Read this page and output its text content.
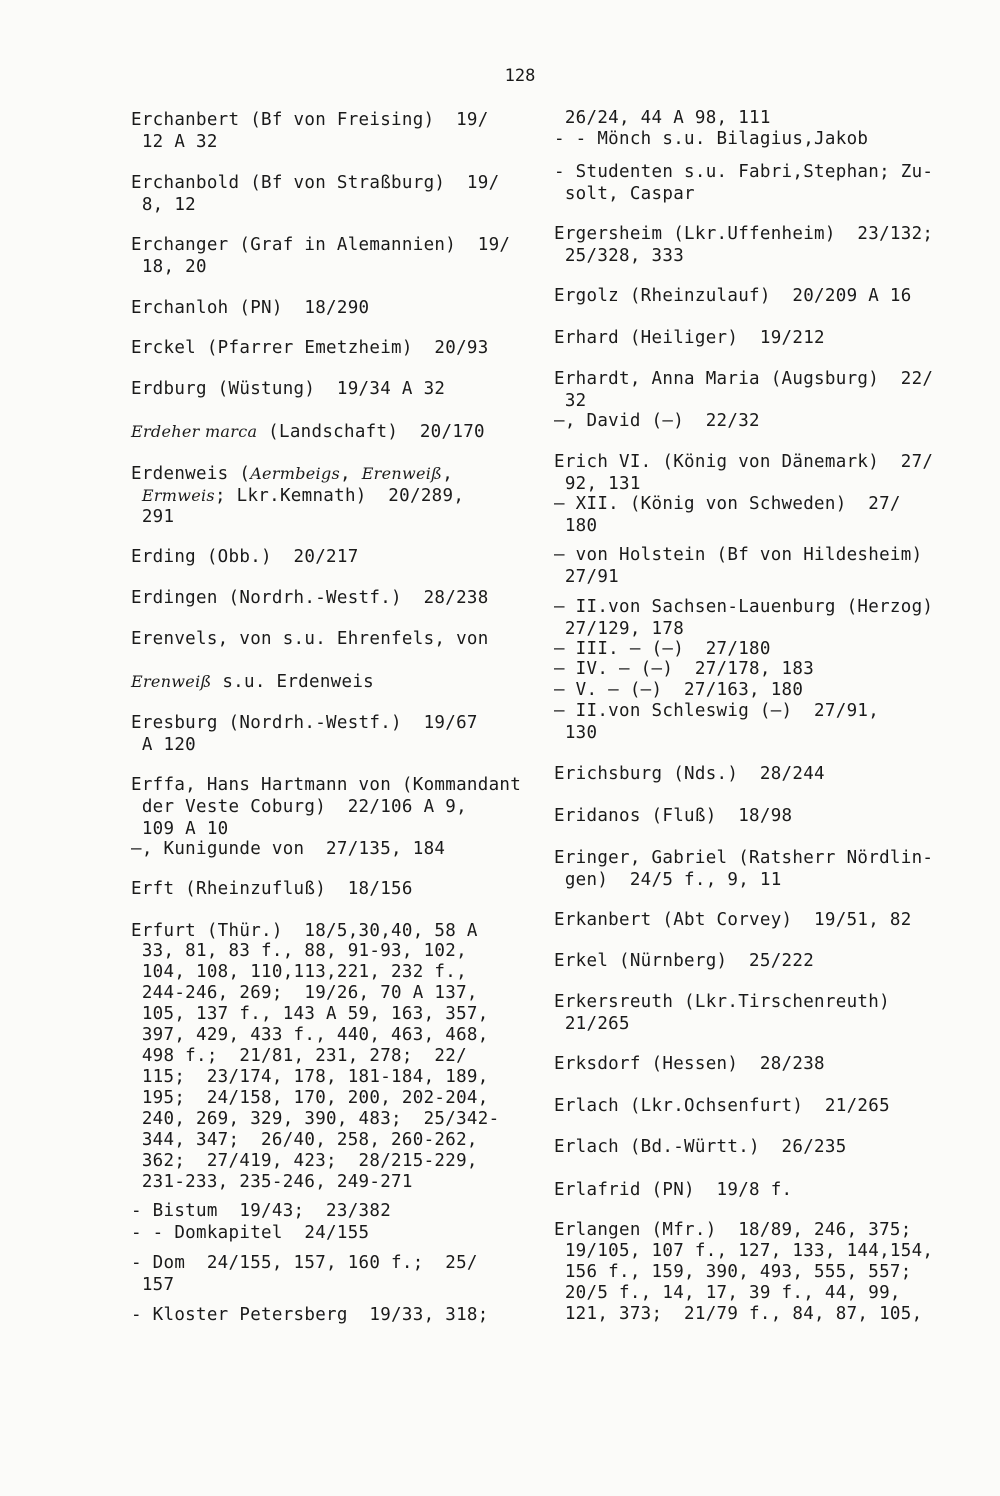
128
Erchanbert (Bf von Freising)  19/
12 A 32
Erchanbold (Bf von Straßburg)  19/
8, 12
Erchanger (Graf in Alemannien)  19/
18, 20
Erchanloh (PN)  18/290
Erckel (Pfarrer Emetzheim)  20/93
Erdburg (Wüstung)  19/34 A 32
Erdeher marca (Landschaft)  20/170
Erdenweis (Aermbeigs, Erenweiß,
Ermweis; Lkr.Kemnath)  20/289,
291
Erding (Obb.)  20/217
Erdingen (Nordrh.-Westf.)  28/238
Erenvels, von s.u. Ehrenfels, von
Erenweiß s.u. Erdenweis
Eresburg (Nordrh.-Westf.)  19/67
A 120
Erffa, Hans Hartmann von (Kommandant
der Veste Coburg)  22/106 A 9,
109 A 10
—, Kunigunde von  27/135, 184
Erft (Rheinzufluß)  18/156
Erfurt (Thür.)  18/5,30,40, 58 A
33, 81, 83 f., 88, 91-93, 102,
104, 108, 110,113,221, 232 f.,
244-246, 269;  19/26, 70 A 137,
105, 137 f., 143 A 59, 163, 357,
397, 429, 433 f., 440, 463, 468,
498 f.;  21/81, 231, 278;  22/
115;  23/174, 178, 181-184, 189,
195;  24/158, 170, 200, 202-204,
240, 269, 329, 390, 483;  25/342-
344, 347;  26/40, 258, 260-262,
362;  27/419, 423;  28/215-229,
231-233, 235-246, 249-271
- Bistum  19/43;  23/382
- - Domkapitel  24/155
- Dom  24/155, 157, 160 f.;  25/
157
- Kloster Petersberg  19/33, 318;
26/24, 44 A 98, 111
- - Mönch s.u. Bilagius,Jakob
- Studenten s.u. Fabri,Stephan; Zu-
solt, Caspar
Ergersheim (Lkr.Uffenheim)  23/132;
25/328, 333
Ergolz (Rheinzulauf)  20/209 A 16
Erhard (Heiliger)  19/212
Erhardt, Anna Maria (Augsburg)  22/
32
—, David (—)  22/32
Erich VI. (König von Dänemark)  27/
92, 131
— XII. (König von Schweden)  27/
180
— von Holstein (Bf von Hildesheim)
27/91
— II.von Sachsen-Lauenburg (Herzog)
27/129, 178
— III. — (—)  27/180
— IV. — (—)  27/178, 183
— V. — (—)  27/163, 180
— II.von Schleswig (—)  27/91,
130
Erichsburg (Nds.)  28/244
Eridanos (Fluß)  18/98
Eringer, Gabriel (Ratsherr Nördlin-
gen)  24/5 f., 9, 11
Erkanbert (Abt Corvey)  19/51, 82
Erkel (Nürnberg)  25/222
Erkersreuth (Lkr.Tirschenreuth)
21/265
Erksdorf (Hessen)  28/238
Erlach (Lkr.Ochsenfurt)  21/265
Erlach (Bd.-Württ.)  26/235
Erlafrid (PN)  19/8 f.
Erlangen (Mfr.)  18/89, 246, 375;
19/105, 107 f., 127, 133, 144,154,
156 f., 159, 390, 493, 555, 557;
20/5 f., 14, 17, 39 f., 44, 99,
121, 373;  21/79 f., 84, 87, 105,
